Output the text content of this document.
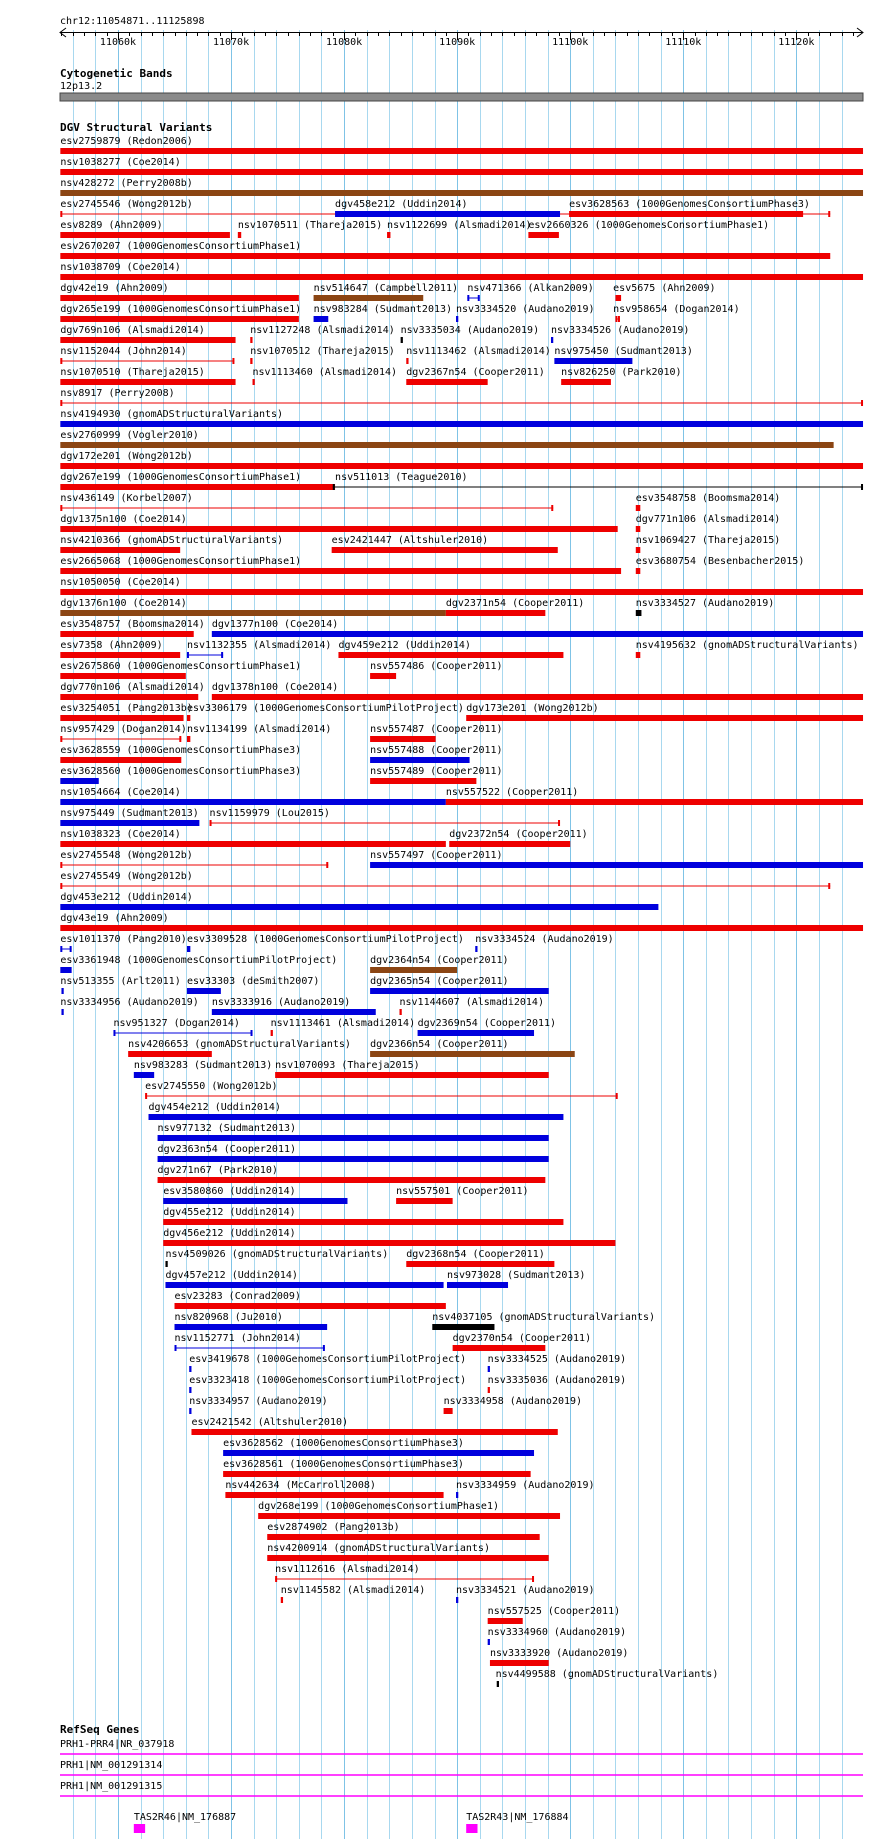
chr12:11054871..11125898
11060k	11070k	11080k	11090k	11100k	11110k	11120k
Cytogenetic Bands
12p13.2
DGV Structural Variants
esv2759879 (Redon2006)
nsv1038277 (Coe2014)
nsv428272 (Perry2008b)
esv2745546 (Wong2012b)	dgv458e212 (Uddin2014)	esv3628563 (1000GenomesConsortiumPhase3)
esv8289 (Ahn2009)	nsv1070511 (Thareja2015) nsv1122699 (Alsmadi2014)
esv2660326 (1000GenomesConsortiumPhase1)
esv2670207 (1000GenomesConsortiumPhase1)
nsv1038709 (Coe2014)
dgv42e19 (Ahn2009)	nsv514647 (Campbell2011) nsv471366 (Alkan2009) esv5675 (Ahn2009)
dgv265e199 (1000GenomesConsortiumPhase1) nsv983284 (Sudmant2013) nsv3334520 (Audano2019) nsv958654 (Dogan2014)
dgv769n106 (Alsmadi2014)	nsv1127248 (Alsmadi2014) nsv3335034 (Audano2019) nsv3334526 (Audano2019)
nsv1152044 (John2014)	nsv1070512 (Thareja2015) nsv1113462 (Alsmadi2014) nsv975450 (Sudmant2013)
nsv1070510 (Thareja2015)	nsv1113460 (Alsmadi2014) dgv2367n54 (Cooper2011) nsv826250 (Park2010)
nsv8917 (Perry2008)
nsv4194930 (gnomADStructuralVariants)
esv2760999 (Vogler2010)
dgv172e201 (Wong2012b)
dgv267e199 (1000GenomesConsortiumPhase1)	nsv511013 (Teague2010)
nsv436149 (Korbel2007)	esv3548758 (Boomsma2014)
dgv1375n100 (Coe2014)	dgv771n106 (Alsmadi2014)
nsv4210366 (gnomADStructuralVariants)	esv2421447 (Altshuler2010)	nsv1069427 (Thareja2015)
esv2665068 (1000GenomesConsortiumPhase1)	esv3680754 (Besenbacher2015)
nsv1050050 (Coe2014)
dgv1376n100 (Coe2014)	dgv2371n54 (Cooper2011)	nsv3334527 (Audano2019)
esv3548757 (Boomsma2014) dgv1377n100 (Coe2014)
esv7358 (Ahn2009) nsv1132355 (Alsmadi2014) dgv459e212 (Uddin2014)	nsv4195632 (gnomADStructuralVariants)
esv2675860 (1000GenomesConsortiumPhase1)	nsv557486 (Cooper2011)
dgv770n106 (Alsmadi2014) dgv1378n100 (Coe2014)
esv3254051 (Pang2013b)
esv3306179 (1000GenomesConsortiumPilotProject) dgv173e201 (Wong2012b)
nsv957429 (Dogan2014) nsv1134199 (Alsmadi2014)	nsv557487 (Cooper2011)
esv3628559 (1000GenomesConsortiumPhase3)	nsv557488 (Cooper2011)
esv3628560 (1000GenomesConsortiumPhase3)	nsv557489 (Cooper2011)
nsv1054664 (Coe2014)	nsv557522 (Cooper2011)
nsv975449 (Sudmant2013) nsv1159979 (Lou2015)
nsv1038323 (Coe2014)	dgv2372n54 (Cooper2011)
esv2745548 (Wong2012b)	nsv557497 (Cooper2011)
esv2745549 (Wong2012b)
dgv453e212 (Uddin2014)
dgv43e19 (Ahn2009)
esv1011370 (Pang2010) esv3309528 (1000GenomesConsortiumPilotProject) nsv3334524 (Audano2019)
esv3361948 (1000GenomesConsortiumPilotProject)	dgv2364n54 (Cooper2011)
nsv513355 (Arlt2011) esv33303 (deSmith2007)	dgv2365n54 (Cooper2011)
nsv3334956 (Audano2019) nsv3333916 (Audano2019)	nsv1144607 (Alsmadi2014)
nsv951327 (Dogan2014)	nsv1113461 (Alsmadi2014) dgv2369n54 (Cooper2011)
nsv4206653 (gnomADStructuralVariants) dgv2366n54 (Cooper2011)
nsv983283 (Sudmant2013) nsv1070093 (Thareja2015)
esv2745550 (Wong2012b)
dgv454e212 (Uddin2014)
nsv977132 (Sudmant2013)
dgv2363n54 (Cooper2011)
dgv271n67 (Park2010)
esv3580860 (Uddin2014)	nsv557501 (Cooper2011)
dgv455e212 (Uddin2014)
dgv456e212 (Uddin2014)
nsv4509026 (gnomADStructuralVariants) dgv2368n54 (Cooper2011)
dgv457e212 (Uddin2014)	nsv973028 (Sudmant2013)
esv23283 (Conrad2009)
nsv820968 (Ju2010)	nsv4037105 (gnomADStructuralVariants)
nsv1152771 (John2014)	dgv2370n54 (Cooper2011)
esv3419678 (1000GenomesConsortiumPilotProject) nsv3334525 (Audano2019)
esv3323418 (1000GenomesConsortiumPilotProject) nsv3335036 (Audano2019)
nsv3334957 (Audano2019)	nsv3334958 (Audano2019)
esv2421542 (Altshuler2010)
esv3628562 (1000GenomesConsortiumPhase3)
esv3628561 (1000GenomesConsortiumPhase3)
nsv442634 (McCarroll2008)	nsv3334959 (Audano2019)
dgv268e199 (1000GenomesConsortiumPhase1)
esv2874902 (Pang2013b)
nsv4200914 (gnomADStructuralVariants)
nsv1112616 (Alsmadi2014)
nsv1145582 (Alsmadi2014)	nsv3334521 (Audano2019)
nsv557525 (Cooper2011)
nsv3334960 (Audano2019)
nsv3333920 (Audano2019)
nsv4499588 (gnomADStructuralVariants)
RefSeq Genes
PRH1-PRR4|NR_037918
PRH1|NM_001291314
PRH1|NM_001291315
TAS2R46|NM_176887	TAS2R43|NM_176884
